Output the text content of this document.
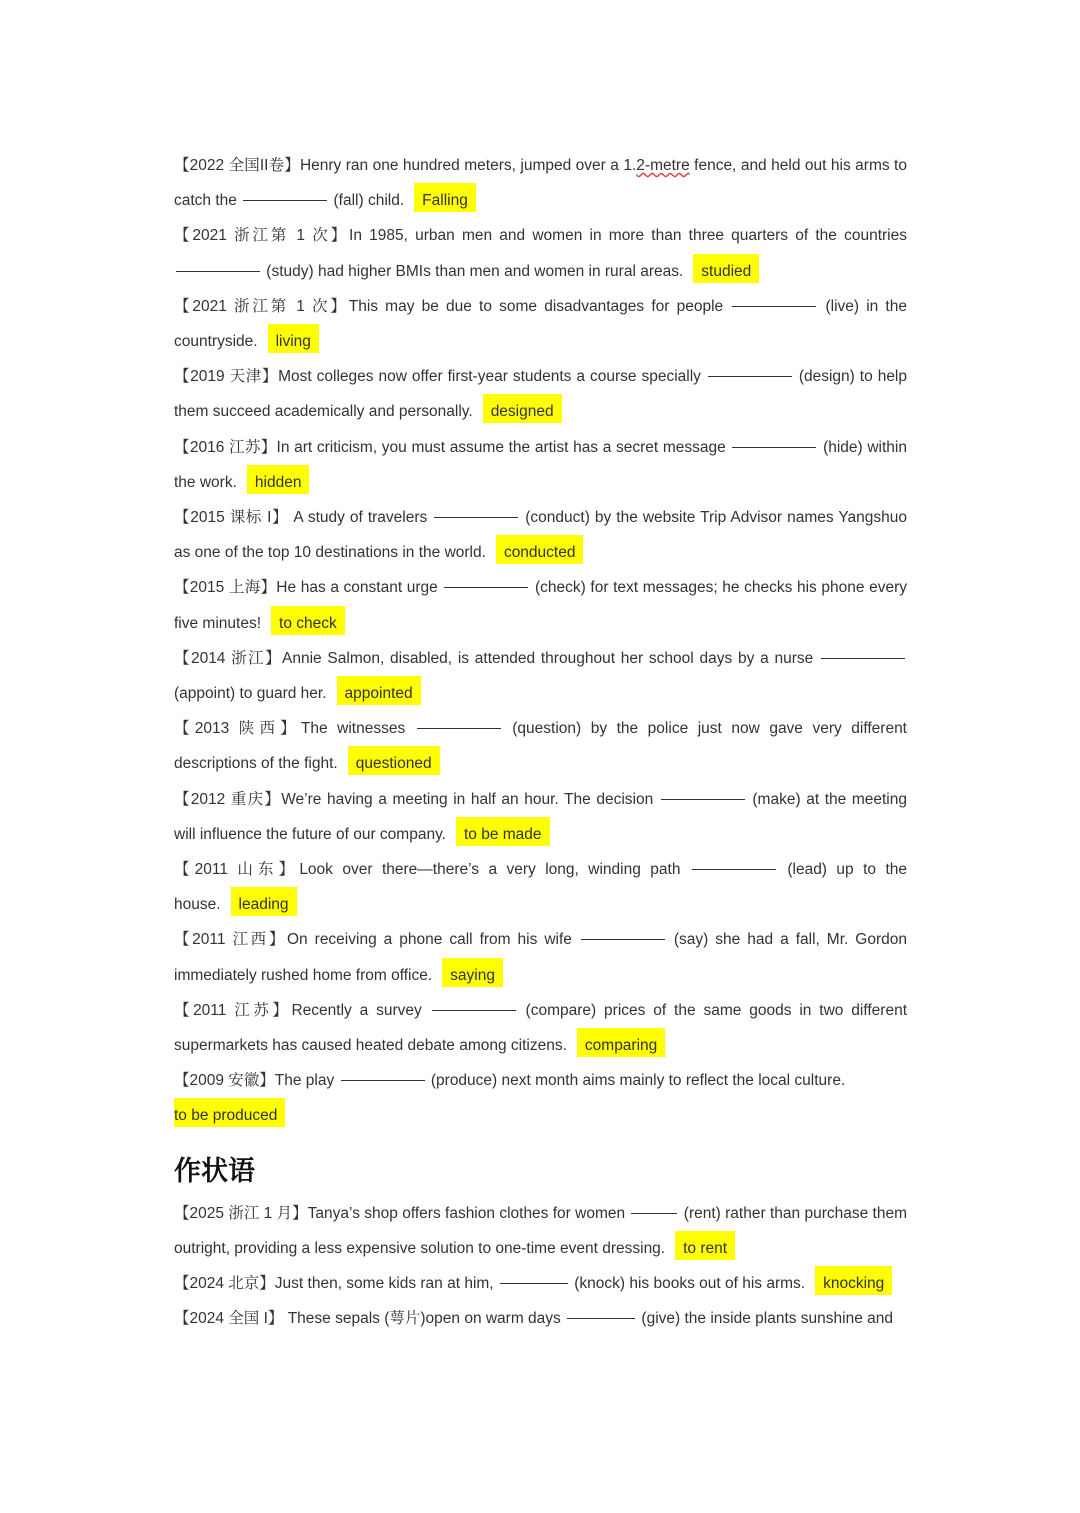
【2022 全国II卷】Henry ran one hundred meters, jumped over a 1.2-metre fence, and held out his arms to catch the	(fall) child. Falling

【2021 浙江第 1 次】In 1985, urban men and women in more than three quarters of the countries  (study) had higher BMIs than men and women in rural areas. studied

【2021 浙江第 1 次】This may be due to some disadvantages for people	(live) in the countryside. living

【2019 天津】Most colleges now offer first-year students a course specially	(design) to help them succeed academically and personally. designed

【2016 江苏】In art criticism, you must assume the artist has a secret message	(hide) within the work. hidden

【2015 课标 I】 A study of travelers	(conduct) by the website Trip Advisor names Yangshuo as one of the top 10 destinations in the world. conducted

【2015 上海】He has a constant urge	(check) for text messages; he checks his phone every five minutes! to check

【2014 浙江】Annie Salmon, disabled, is attended throughout her school days by a nurse  (appoint) to guard her. appointed

【2013 陕西】The witnesses	(question) by the police just now gave very different descriptions of the fight. questioned

【2012 重庆】We’re having a meeting in half an hour. The decision	(make) at the meeting will influence the future of our company. to be made

【2011 山东】Look over there—there’s a very long, winding path	(lead) up to the house. leading

【2011 江西】On receiving a phone call from his wife	(say) she had a fall, Mr. Gordon immediately rushed home from office. saying

【2011 江苏】Recently a survey	(compare) prices of the same goods in two different supermarkets has caused heated debate among citizens. comparing

【2009 安徽】The play	(produce) next month aims mainly to reflect the local culture.
to be produced

作状语

【2025 浙江 1 月】Tanya’s shop offers fashion clothes for women	(rent) rather than purchase them outright, providing a less expensive solution to one-time event dressing. to rent

【2024 北京】Just then, some kids ran at him,	(knock) his books out of his arms. knocking

【2024 全国 I】 These sepals (萼片)open on warm days	(give) the inside plants sunshine and
